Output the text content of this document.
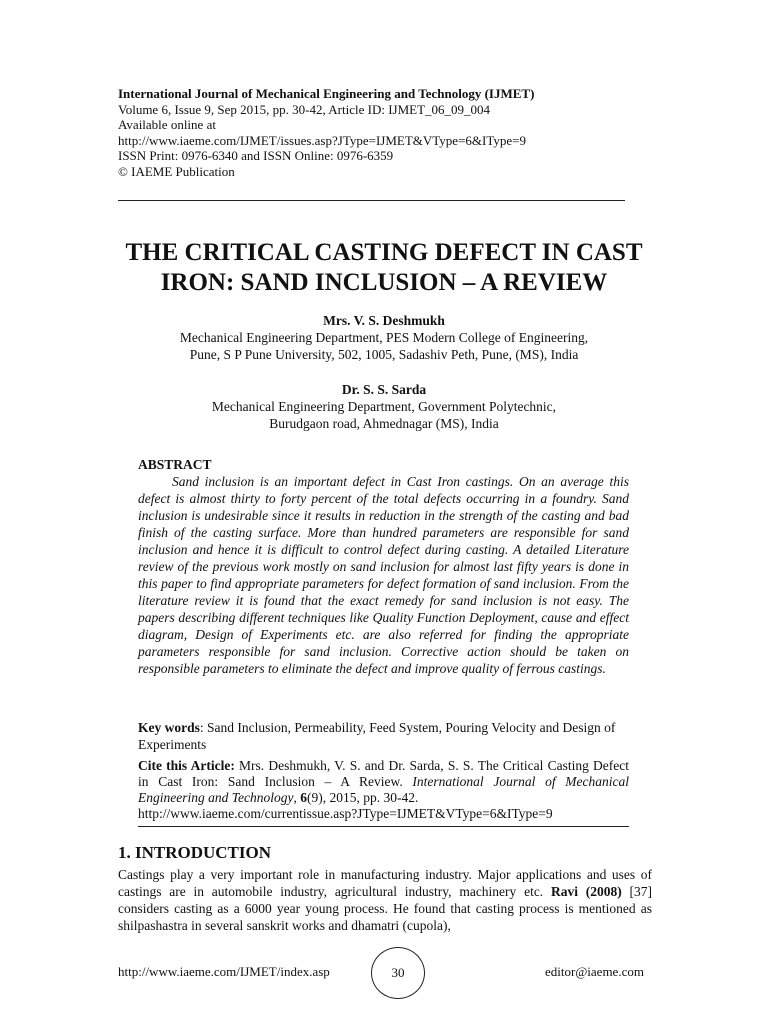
International Journal of Mechanical Engineering and Technology (IJMET)
Volume 6, Issue 9, Sep 2015, pp. 30-42, Article ID: IJMET_06_09_004
Available online at
http://www.iaeme.com/IJMET/issues.asp?JType=IJMET&VType=6&IType=9
ISSN Print: 0976-6340 and ISSN Online: 0976-6359
© IAEME Publication
THE CRITICAL CASTING DEFECT IN CAST IRON: SAND INCLUSION – A REVIEW
Mrs. V. S. Deshmukh
Mechanical Engineering Department, PES Modern College of Engineering,
Pune, S P Pune University, 502, 1005, Sadashiv Peth, Pune, (MS), India
Dr. S. S. Sarda
Mechanical Engineering Department, Government Polytechnic,
Burudgaon road, Ahmednagar (MS), India
ABSTRACT
Sand inclusion is an important defect in Cast Iron castings. On an average this defect is almost thirty to forty percent of the total defects occurring in a foundry. Sand inclusion is undesirable since it results in reduction in the strength of the casting and bad finish of the casting surface. More than hundred parameters are responsible for sand inclusion and hence it is difficult to control defect during casting. A detailed Literature review of the previous work mostly on sand inclusion for almost last fifty years is done in this paper to find appropriate parameters for defect formation of sand inclusion. From the literature review it is found that the exact remedy for sand inclusion is not easy. The papers describing different techniques like Quality Function Deployment, cause and effect diagram, Design of Experiments etc. are also referred for finding the appropriate parameters responsible for sand inclusion. Corrective action should be taken on responsible parameters to eliminate the defect and improve quality of ferrous castings.
Key words: Sand Inclusion, Permeability, Feed System, Pouring Velocity and Design of Experiments
Cite this Article: Mrs. Deshmukh, V. S. and Dr. Sarda, S. S. The Critical Casting Defect in Cast Iron: Sand Inclusion – A Review. International Journal of Mechanical Engineering and Technology, 6(9), 2015, pp. 30-42.
http://www.iaeme.com/currentissue.asp?JType=IJMET&VType=6&IType=9
1. INTRODUCTION
Castings play a very important role in manufacturing industry. Major applications and uses of castings are in automobile industry, agricultural industry, machinery etc. Ravi (2008) [37] considers casting as a 6000 year young process. He found that casting process is mentioned as shilpashastra in several sanskrit works and dhamatri (cupola),
http://www.iaeme.com/IJMET/index.asp	30	editor@iaeme.com
